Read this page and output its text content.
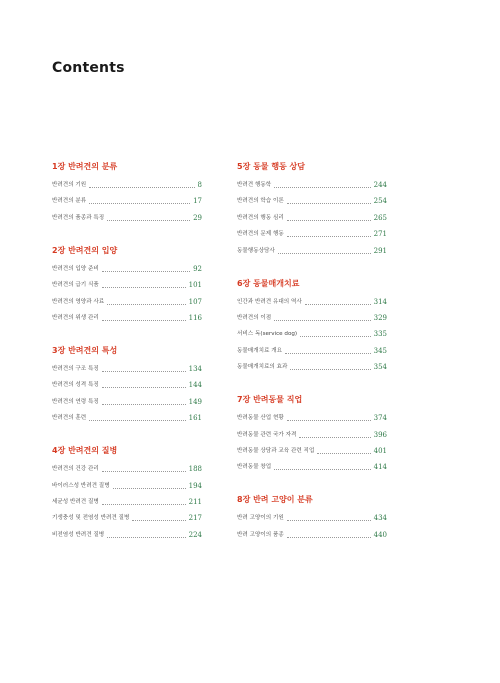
Contents
1장 반려견의 분류
반려견의 기원	8
반려견의 분류	17
반려견의 품종과 특징	29
2장 반려견의 입양
반려견의 입양 준비	92
반려견의 급기 식품	101
반려견의 영양과 사료	107
반려견의 위생 관리	116
3장 반려견의 특성
반려견의 구조 특징	134
반려견의 성격 특징	144
반려견의 연령 특징	149
반려견의 훈련	161
4장 반려견의 질병
반려견의 건강 관리	188
바이러스성 반려견 질병	194
세균성 반려견 질병	211
기생충성 및 전염성 반려견 질병	217
비전염성 반려견 질병	224
5장 동물 행동 상담
반려견 행동학	244
반려견의 학습 이론	254
반려견의 행동 심리	265
반려견의 문제 행동	271
동물행동상담사	291
6장 동물매개치료
인간과 반려견 유대의 역사	314
반려견의 이점	329
서비스 독(service dog)	335
동물매개치료 개요	345
동물매개치료의 효과	354
7장 반려동물 직업
반려동물 산업 현황	374
반려동물 관련 국가 자격	396
반려동물 상담과 교육 관련 직업	401
반려동물 창업	414
8장 반려 고양이 분류
반려 고양이의 기원	434
반려 고양이의 품종	440
